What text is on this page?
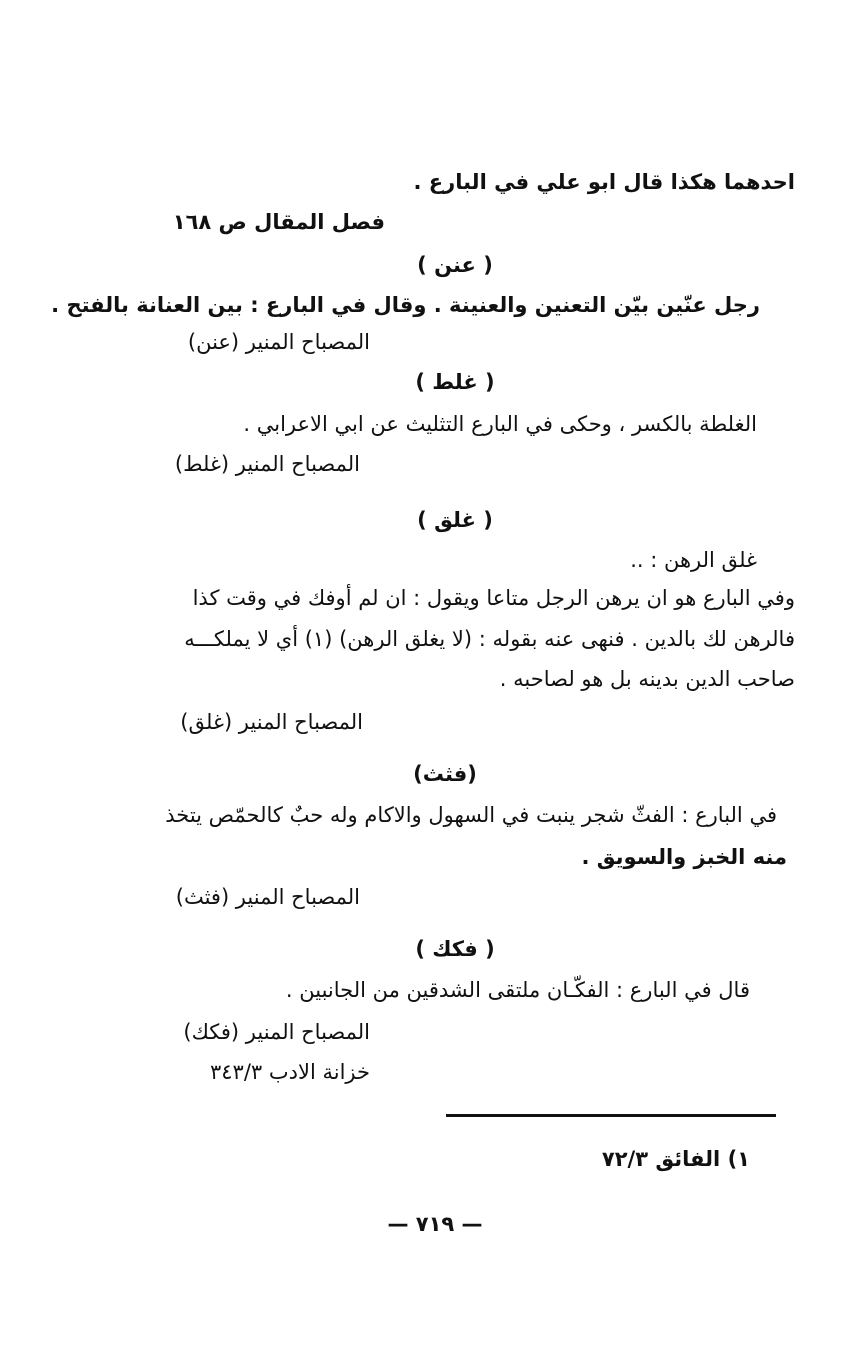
احدهما هكذا قال ابو علي في البارع .
فصل المقال ص ١٦٨
( عنن )
رجل عنّين بيّن التعنين والعنينة . وقال في البارع : بين العنانة بالفتح .
المصباح المنير (عنن)
( غلط )
الغلطة بالكسر ، وحكى في البارع التثليث عن ابي الاعرابي .
المصباح المنير (غلط)
( غلق )
غلق الرهن : ..
وفي البارع هو ان يرهن الرجل متاعا ويقول : ان لم أوفك في وقت كذا
فالرهن لك بالدين . فنهى عنه بقوله : (لا يغلق الرهن) (١) أي لا يملكـــه
صاحب الدين بدينه بل هو لصاحبه .
المصباح المنير (غلق)
(فثث)
في البارع : الفثّ شجر ينبت في السهول والاكام وله حبٌ كالحمّص يتخذ
منه الخبز والسويق .
المصباح المنير (فثث)
( فكك )
قال في البارع : الفكّـان ملتقى الشدقين من الجانبين .
المصباح المنير (فكك)
خزانة الادب ٣٤٣/٣
١) الفائق ٧٢/٣
— ٧١٩ —
